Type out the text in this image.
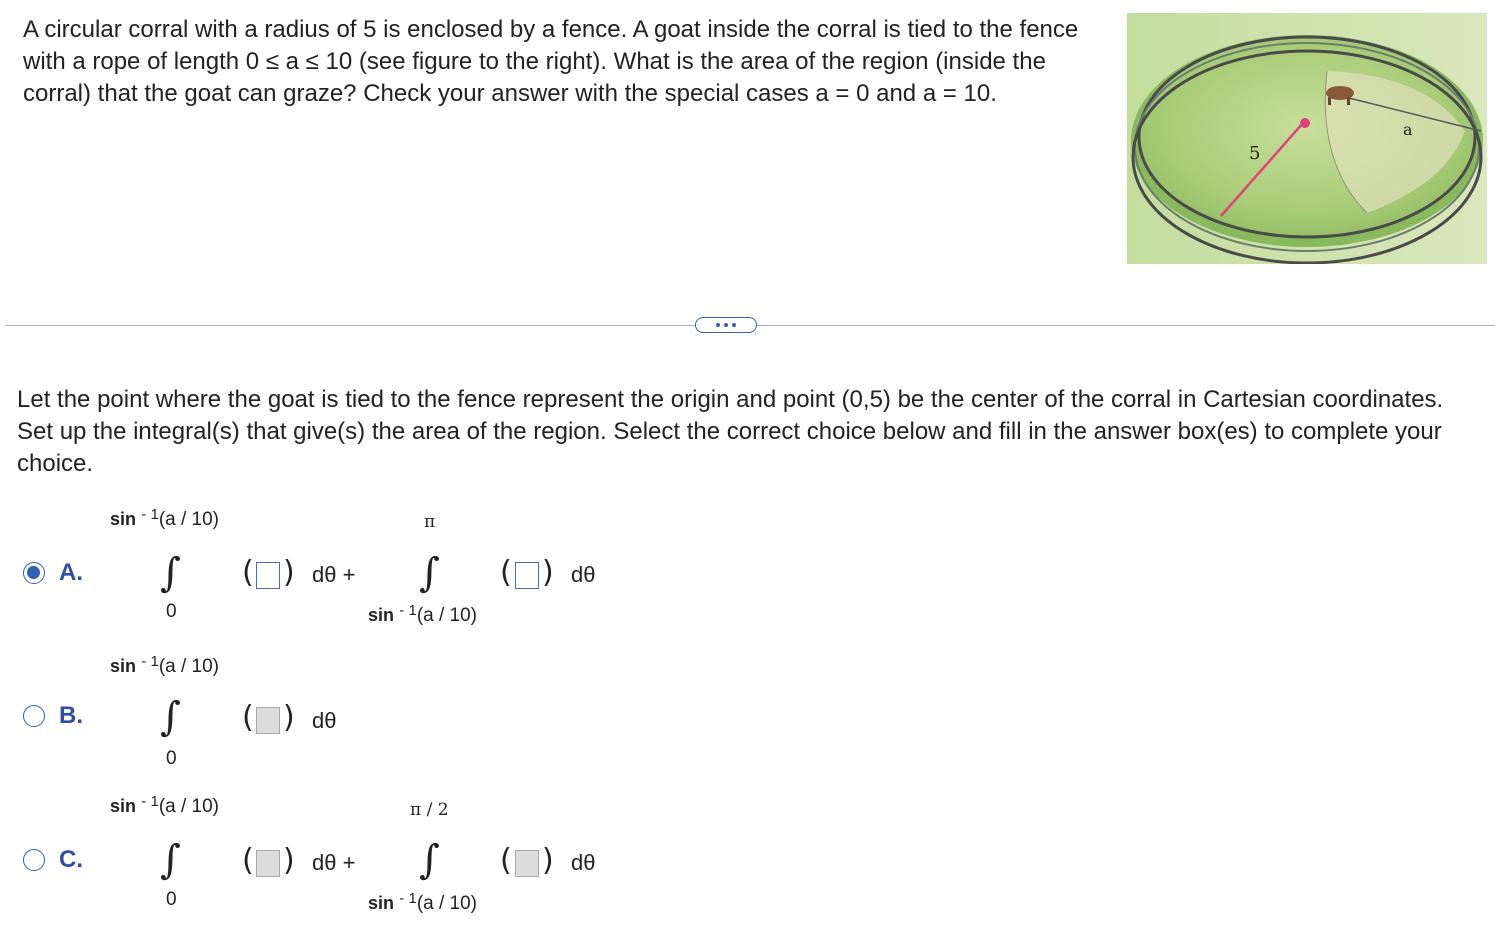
A circular corral with a radius of 5 is enclosed by a fence. A goat inside the corral is tied to the fence with a rope of length 0 ≤ a ≤ 10 (see figure to the right). What is the area of the region (inside the corral) that the goat can graze? Check your answer with the special cases a = 0 and a = 10.
5
a
Let the point where the goat is tied to the fence represent the origin and point (0,5) be the center of the corral in Cartesian coordinates. Set up the integral(s) that give(s) the area of the region. Select the correct choice below and fill in the answer box(es) to complete your choice.
A.
sin $^{- 1}$(a / 10)
∫
0
( ) dθ +
π
∫
sin $^{- 1}$(a / 10)
( ) dθ
B.
sin $^{- 1}$(a / 10)
∫
0
( ) dθ
C.
sin $^{- 1}$(a / 10)
∫
0
( ) dθ +
π / 2
∫
sin $^{- 1}$(a / 10)
( ) dθ
